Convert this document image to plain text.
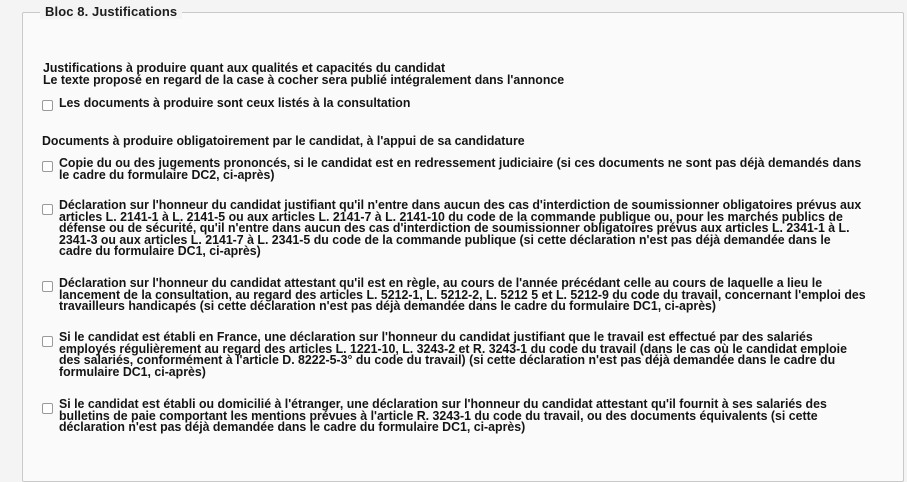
Bloc 8. Justifications
Justifications à produire quant aux qualités et capacités du candidat
Le texte proposé en regard de la case à cocher sera publié intégralement dans l'annonce
Les documents à produire sont ceux listés à la consultation
Documents à produire obligatoirement par le candidat, à l'appui de sa candidature
Copie du ou des jugements prononcés, si le candidat est en redressement judiciaire (si ces documents ne sont pas déjà demandés dans le cadre du formulaire DC2, ci-après)
Déclaration sur l'honneur du candidat justifiant qu'il n'entre dans aucun des cas d'interdiction de soumissionner obligatoires prévus aux articles L. 2141-1 à L. 2141-5 ou aux articles L. 2141-7 à L. 2141-10 du code de la commande publique ou, pour les marchés publics de défense ou de sécurité, qu'il n'entre dans aucun des cas d'interdiction de soumissionner obligatoires prévus aux articles L. 2341-1 à L. 2341-3 ou aux articles L. 2141-7 à L. 2341-5 du code de la commande publique (si cette déclaration n'est pas déjà demandée dans le cadre du formulaire DC1, ci-après)
Déclaration sur l'honneur du candidat attestant qu'il est en règle, au cours de l'année précédant celle au cours de laquelle a lieu le lancement de la consultation, au regard des articles L. 5212-1, L. 5212-2, L. 5212 5 et L. 5212-9 du code du travail, concernant l'emploi des travailleurs handicapés (si cette déclaration n'est pas déjà demandée dans le cadre du formulaire DC1, ci-après)
Si le candidat est établi en France, une déclaration sur l'honneur du candidat justifiant que le travail est effectué par des salariés employés régulièrement au regard des articles L. 1221-10, L. 3243-2 et R. 3243-1 du code du travail (dans le cas où le candidat emploie des salariés, conformément à l'article D. 8222-5-3° du code du travail) (si cette déclaration n'est pas déjà demandée dans le cadre du formulaire DC1, ci-après)
Si le candidat est établi ou domicilié à l'étranger, une déclaration sur l'honneur du candidat attestant qu'il fournit à ses salariés des bulletins de paie comportant les mentions prévues à l'article R. 3243-1 du code du travail, ou des documents équivalents (si cette déclaration n'est pas déjà demandée dans le cadre du formulaire DC1, ci-après)
